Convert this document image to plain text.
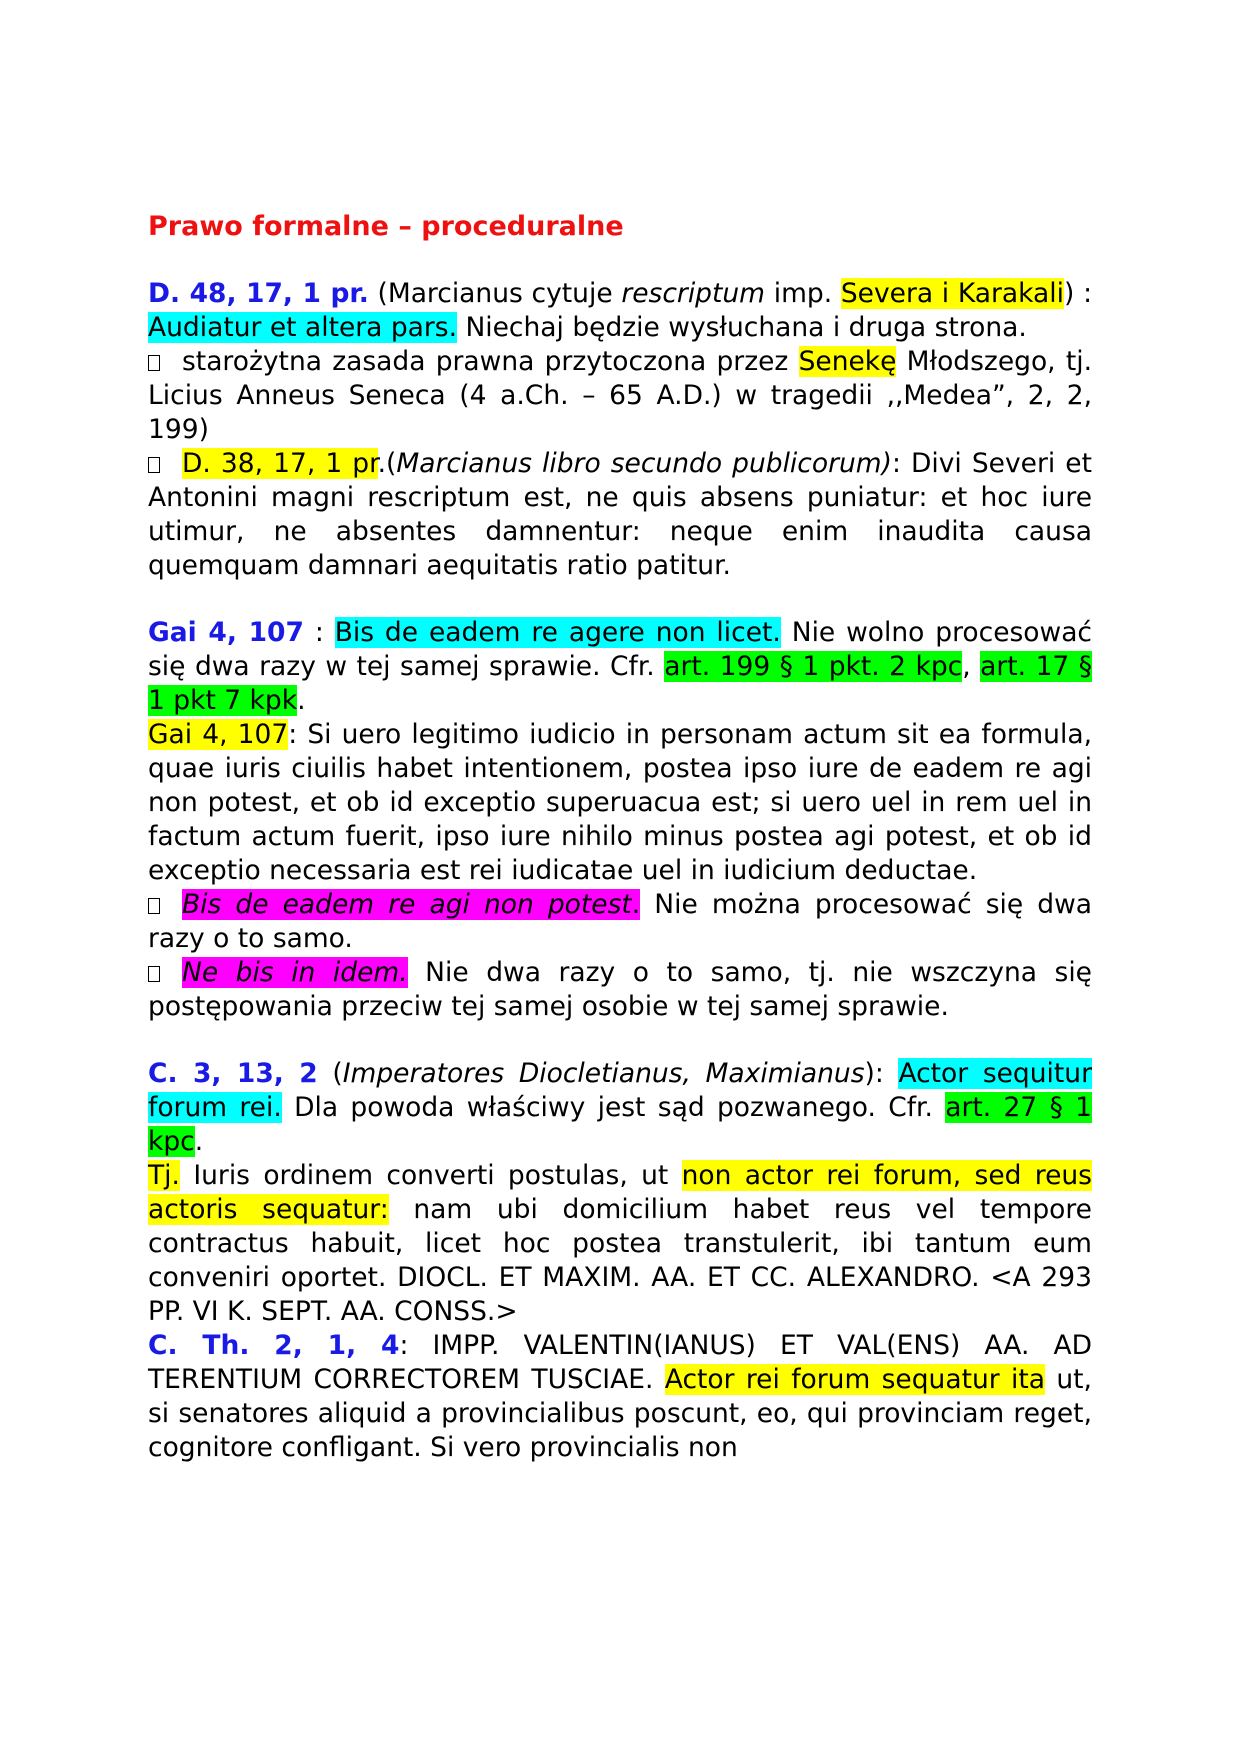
Prawo formalne – proceduralne

D. 48, 17, 1 pr. (Marcianus cytuje rescriptum imp. Severa i Karakali) : Audiatur et altera pars. Niechaj będzie wysłuchana i druga strona.

starożytna zasada prawna przytoczona przez Senekę Młodszego, tj. Licius Anneus Seneca (4 a.Ch. – 65 A.D.) w tragedii ,,Medea”, 2, 2, 199)

D. 38, 17, 1 pr.(Marcianus libro secundo publicorum): Divi Severi et Antonini magni rescriptum est, ne quis absens puniatur: et hoc iure utimur, ne absentes damnentur: neque enim inaudita causa quemquam damnari aequitatis ratio patitur.

Gai 4, 107 : Bis de eadem re agere non licet. Nie wolno procesować się dwa razy w tej samej sprawie. Cfr. art. 199 § 1 pkt. 2 kpc, art. 17 § 1 pkt 7 kpk.

Gai 4, 107: Si uero legitimo iudicio in personam actum sit ea formula, quae iuris ciuilis habet intentionem, postea ipso iure de eadem re agi non potest, et ob id exceptio superuacua est; si uero uel in rem uel in factum actum fuerit, ipso iure nihilo minus postea agi potest, et ob id exceptio necessaria est rei iudicatae uel in iudicium deductae.

Bis de eadem re agi non potest. Nie można procesować się dwa razy o to samo.

Ne bis in idem. Nie dwa razy o to samo, tj. nie wszczyna się postępowania przeciw tej samej osobie w tej samej sprawie.

C. 3, 13, 2 (Imperatores Diocletianus, Maximianus): Actor sequitur forum rei. Dla powoda właściwy jest sąd pozwanego. Cfr. art. 27 § 1 kpc.

Tj. Iuris ordinem converti postulas, ut non actor rei forum, sed reus actoris sequatur: nam ubi domicilium habet reus vel tempore contractus habuit, licet hoc postea transtulerit, ibi tantum eum conveniri oportet. DIOCL. ET MAXIM. AA. ET CC. ALEXANDRO. <A 293 PP. VI K. SEPT. AA. CONSS.>

C. Th. 2, 1, 4: IMPP. VALENTIN(IANUS) ET VAL(ENS) AA. AD TERENTIUM CORRECTOREM TUSCIAE. Actor rei forum sequatur ita ut, si senatores aliquid a provincialibus poscunt, eo, qui provinciam reget, cognitore confligant. Si vero provincialis non
